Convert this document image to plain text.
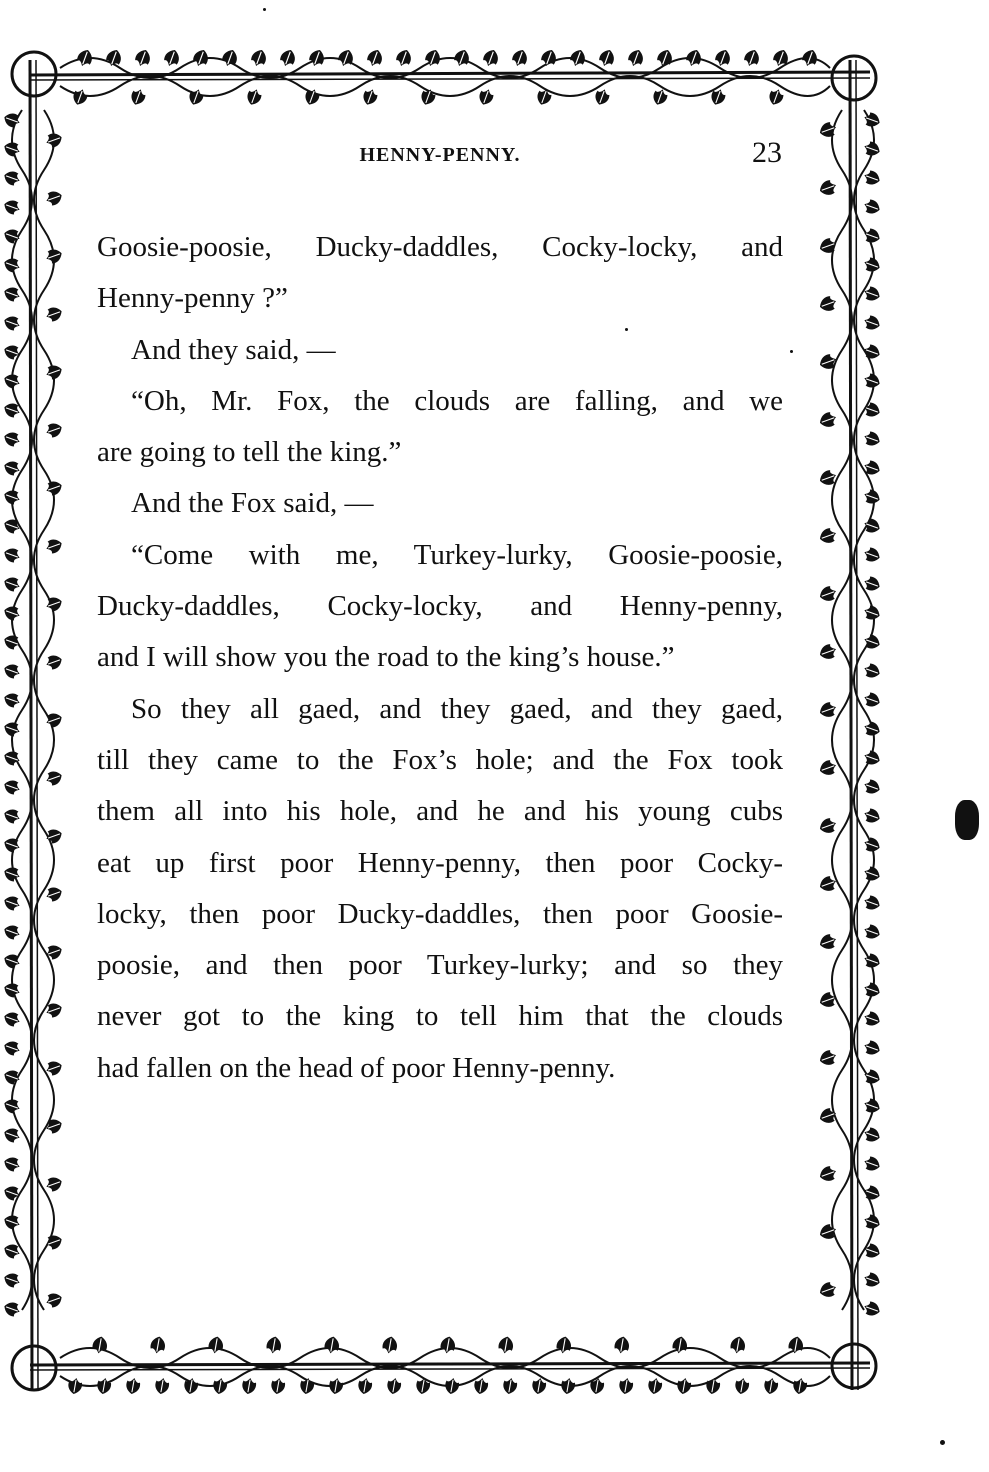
HENNY-PENNY.	23
Goosie-poosie, Ducky-daddles, Cocky-locky, and
Henny-penny ?”
And they said, —
“Oh, Mr. Fox, the clouds are falling, and we
are going to tell the king.”
And the Fox said, —
“Come with me, Turkey-lurky, Goosie-poosie,
Ducky-daddles, Cocky-locky, and Henny-penny,
and I will show you the road to the king’s house.”
So they all gaed, and they gaed, and they gaed,
till they came to the Fox’s hole; and the Fox took
them all into his hole, and he and his young cubs
eat up first poor Henny-penny, then poor Cocky-
locky, then poor Ducky-daddles, then poor Goosie-
poosie, and then poor Turkey-lurky; and so they
never got to the king to tell him that the clouds
had fallen on the head of poor Henny-penny.
